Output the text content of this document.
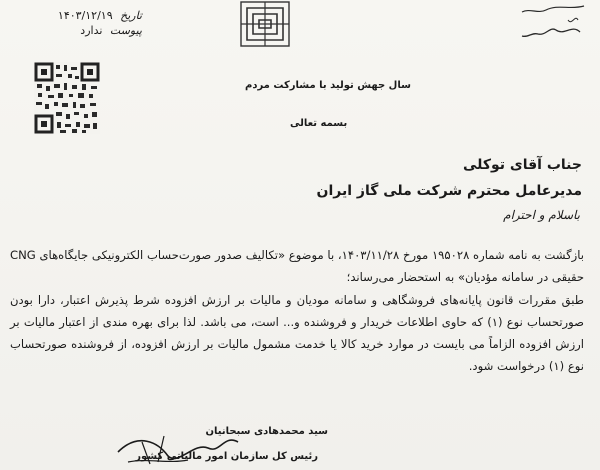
تاریخ ۱۴۰۳/۱۲/۱۹
پیوست ندارد
سال جهش تولید با مشارکت مردم
بسمه تعالی
جناب آقای توکلی
مدیرعامل محترم شرکت ملی گاز ایران
باسلام و احترام

بازگشت به نامه شماره ۱۹۵۰۲۸ مورخ ۱۴۰۳/۱۱/۲۸، با موضوع «تکالیف صدور صورت‌حساب الکترونیکی جایگاه‌های CNG حقیقی در سامانه مؤدیان» به استحضار می‌رساند؛

طبق مقررات قانون پایانه‌های فروشگاهی و سامانه مودیان و مالیات بر ارزش افزوده شرط پذیرش اعتبار، دارا بودن صورتحساب نوع (۱) که حاوی اطلاعات خریدار و فروشنده و... است، می باشد. لذا برای بهره مندی از اعتبار مالیات بر ارزش افزوده الزاماً می بایست در موارد خرید کالا یا خدمت مشمول مالیات بر ارزش افزوده، از فروشنده صورتحساب نوع (۱) درخواست شود.

سید محمدهادی سبحانیان
رئیس کل سازمان امور مالیاتی کشور
